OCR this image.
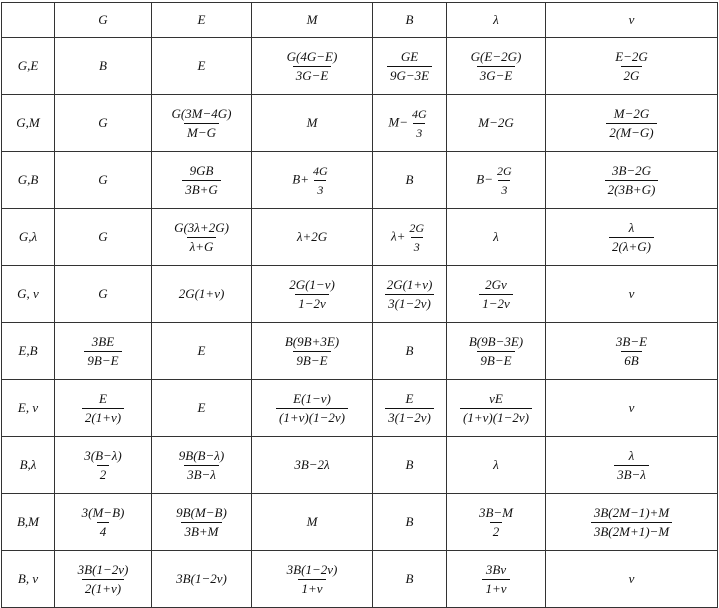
	G	E	M	B	λ	v
G,E	B	E	$\frac{G(4G-E)}{3G-E}$	$\frac{GE}{9G-3E}$	$\frac{G(E-2G)}{3G-E}$	$\frac{E-2G}{2G}$

G,M	G	$\frac{G(3M-4G)}{M-G}$	M	$M- \frac{4G}{3}$	M−2G	$\frac{M-2G}{2(M-G)}$

G,B	G	$\frac{9GB}{3B+G}$	$B+ \frac{4G}{3}$	B	$B- \frac{2G}{3}$	$\frac{3B-2G}{2(3B+G)}$

G,λ	G	$\frac{G(3\lambda+2G)}{\lambda+G}$	λ+2G	$\lambda+ \frac{2G}{3}$	λ	$\frac{\lambda}{2(\lambda+G)}$

G, v	G	2G(1+v)	$\frac{2G(1-v)}{1-2v}$	$\frac{2G(1+v)}{3(1-2v)}$	$\frac{2Gv}{1-2v}$	v
E,B	$\frac{3BE}{9B-E}$	E	$\frac{B(9B+3E)}{9B-E}$	B	$\frac{B(9B-3E)}{9B-E}$	$\frac{3B-E}{6B}$

E, v	$\frac{E}{2(1+v)}$	E	$\frac{E(1-v)}{(1+v)(1-2v)}$	$\frac{E}{3(1-2v)}$	$\frac{vE}{(1+v)(1-2v)}$	v
B,λ	$\frac{3(B-\lambda)}{2}$	$\frac{9B(B-\lambda)}{3B-\lambda}$	3B−2λ	B	λ	$\frac{\lambda}{3B-\lambda}$

B,M	$\frac{3(M-B)}{4}$	$\frac{9B(M-B)}{3B+M}$	M	B	$\frac{3B-M}{2}$	$\frac{3B(2M-1)+M}{3B(2M+1)-M}$

B, v	$\frac{3B(1-2v)}{2(1+v)}$	3B(1−2v)	$\frac{3B(1-2v)}{1+v}$	B	$\frac{3Bv}{1+v}$	v
